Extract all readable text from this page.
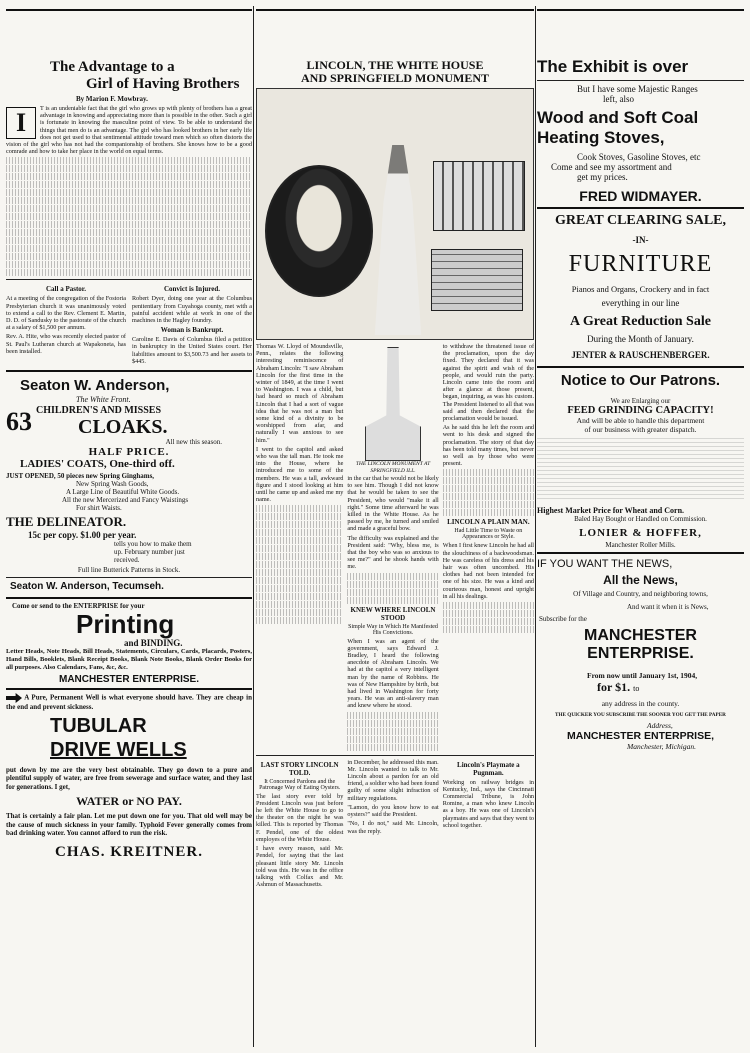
The Advantage to a
Girl of Having Brothers
By Marion F. Mowbray.
I	T is an undeniable fact that the girl who grows up with plenty of brothers has a great advantage in knowing and appreciating more than is possible in the other. Such a girl is fortunate in knowing the masculine point of view. To be able to understand the things that men do is an advantage. The girl who has looked brothers in her early life does not get used to that sentimental attitude toward men which so often distorts the vision of the girl who has not had the companionship of brothers. She knows how to be a good comrade and how to take her place in the world on equal terms.

Call a Pastor.

At a meeting of the congregation of the Fostoria Presbyterian church it was unanimously voted to extend a call to the Rev. Clement E. Martin, D. D. of Sandusky to the pastorate of the church at a salary of $1,500 per annum.

Rev. A. Hite, who was recently elected pastor of St. Paul's Lutheran church at Wapakoneta, has been installed.

Convict is Injured.

Robert Dyer, doing one year at the Columbus penitentiary from Cuyahoga county, met with a painful accident while at work in one of the machines in the Hagley foundry.

Woman is Bankrupt.

Caroline E. Davis of Columbus filed a petition in bankruptcy in the United States court. Her liabilities amount to $3,500.73 and her assets to $445.

Seaton W. Anderson,
The White Front.
63 CHILDREN'S AND MISSES
CLOAKS.
All new this season.
HALF PRICE.
LADIES' COATS, One-third off.
JUST OPENED, 50 pieces new Spring Ginghams,
New Spring Wash Goods,
A Large Line of Beautiful White Goods.
All the new Mercerized and Fancy Waistings
For shirt Waists.
THE DELINEATOR.
15c per copy. $1.00 per year.
tells you how to make them
up. February number just
received.
Full line Butterick Patterns in Stock.
Seaton W. Anderson, Tecumseh.
Come or send to the ENTERPRISE for your
Printing
and BINDING.

Letter Heads, Note Heads, Bill Heads, Statements, Circulars, Cards, Placards, Posters, Hand Bills, Booklets, Blank Receipt Books, Blank Note Books, Blank Order Books for all purposes. Also Calendars, Fans, &c, &c.

MANCHESTER ENTERPRISE.

A Pure, Permanent Well is what everyone should have. They are cheap in the end and prevent sickness.

TUBULAR
DRIVE WELLS

put down by me are the very best obtainable. They go down to a pure and plentiful supply of water, are free from sewerage and surface water, and they last for generations. I get,

WATER or NO PAY.

That is certainly a fair plan. Let me put down one for you. That old well may be the cause of much sickness in your family. Typhoid Fever generally comes from bad drinking water. You cannot afford to run the risk.

CHAS. KREITNER.
LINCOLN, THE WHITE HOUSE
AND SPRINGFIELD MONUMENT

Thomas W. Lloyd of Moundsville, Penn., relates the following interesting reminiscence of Abraham Lincoln: "I saw Abraham Lincoln for the first time in the winter of 1849, at the time I went to Washington. I was a child, but had heard so much of Abraham Lincoln that I had a sort of vague idea that he was not a man but some kind of a divinity to be worshipped from afar, and naturally I was anxious to see him."

I went to the capitol and asked who was the tall man. He took me into the House, where he introduced me to some of the members. He was a tall, awkward figure and I stood looking at him until he came up and asked me my name.

THE LINCOLN MONUMENT AT SPRINGFIELD ILL.

in the car that he would not be likely to see him. Though I did not know that he would be taken to see the President, who would "make it all right." Some time afterward he was killed in the White House. As he passed by me, he turned and smiled and made a graceful bow.

The difficulty was explained and the President said: "Why, bless me, is that the boy who was so anxious to see me?" and he shook hands with me.

KNEW WHERE LINCOLN STOOD
Simple Way in Which He Manifested His Convictions.

When I was an agent of the government, says Edward J. Bradley, I heard the following anecdote of Abraham Lincoln. We had at the capitol a very intelligent man by the name of Robbins. He was of New Hampshire by birth, but had lived in Washington for forty years. He was an anti-slavery man and knew where he stood.

to withdraw the threatened issue of the proclamation, upon the day fixed. They declared that it was against the spirit and wish of the people, and would ruin the party. Lincoln came into the room and after a glance at those present, began, inquiring, as was his custom. The President listened to all that was said and then declared that the proclamation would be issued.

As he said this he left the room and went to his desk and signed the proclamation. The story of that day has been told many times, but never so well as by those who were present.

LINCOLN A PLAIN MAN.
Had Little Time to Waste on Appearances or Style.

When I first knew Lincoln he had all the slouchiness of a backwoodsman. He was careless of his dress and his hair was often uncombed. His clothes had not been intended for one of his size. He was a kind and courteous man, honest and upright in all his dealings.

LAST STORY LINCOLN TOLD.
It Concerned Pardons and the Patronage Way of Eating Oysters.

The last story ever told by President Lincoln was just before he left the White House to go to the theater on the night he was killed. This is reported by Thomas F. Pendel, one of the oldest employes of the White House.

I have every reason, said Mr. Pendel, for saying that the last pleasant little story Mr. Lincoln told was this. He was in the office talking with Colfax and Mr. Ashmun of Massachusetts.

in December, he addressed this man. Mr. Lincoln wanted to talk to Mr. Lincoln about a pardon for an old friend, a soldier who had been found guilty of some slight infraction of military regulations.

"Lamon, do you know how to eat oysters?" said the President.

"No, I do not," said Mr. Lincoln, was the reply.

Lincoln's Playmate a Pugnman.

Working on railway bridges in Kentucky, Ind., says the Cincinnati Commercial Tribune, is John Romine, a man who knew Lincoln as a boy. He was one of Lincoln's playmates and says that they went to school together.

The Exhibit is over
But I have some Majestic Ranges
left, also
Wood and Soft Coal
Heating Stoves,
Cook Stoves, Gasoline Stoves, etc
Come and see my assortment and
get my prices.
FRED WIDMAYER.
GREAT CLEARING SALE,
-IN-
FURNITURE
Pianos and Organs, Crockery and in fact
everything in our line
A Great Reduction Sale
During the Month of January.
JENTER & RAUSCHENBERGER.
Notice to Our Patrons.
We are Enlarging our
FEED GRINDING CAPACITY!
And will be able to handle this department
of our business with greater dispatch.
Highest Market Price for Wheat and Corn.
Baled Hay Bought or Handled on Commission.
LONIER & HOFFER,
Manchester Roller Mills.
IF YOU WANT THE NEWS,
All the News,
Of Village and Country, and neighboring towns,
And want it when it is News,
Subscribe for the
MANCHESTER
ENTERPRISE.
From now until January 1st, 1904,
for $1. to
any address in the county.
THE QUICKER YOU SUBSCRIBE THE SOONER YOU GET THE PAPER
Address,
MANCHESTER ENTERPRISE,
Manchester, Michigan.
